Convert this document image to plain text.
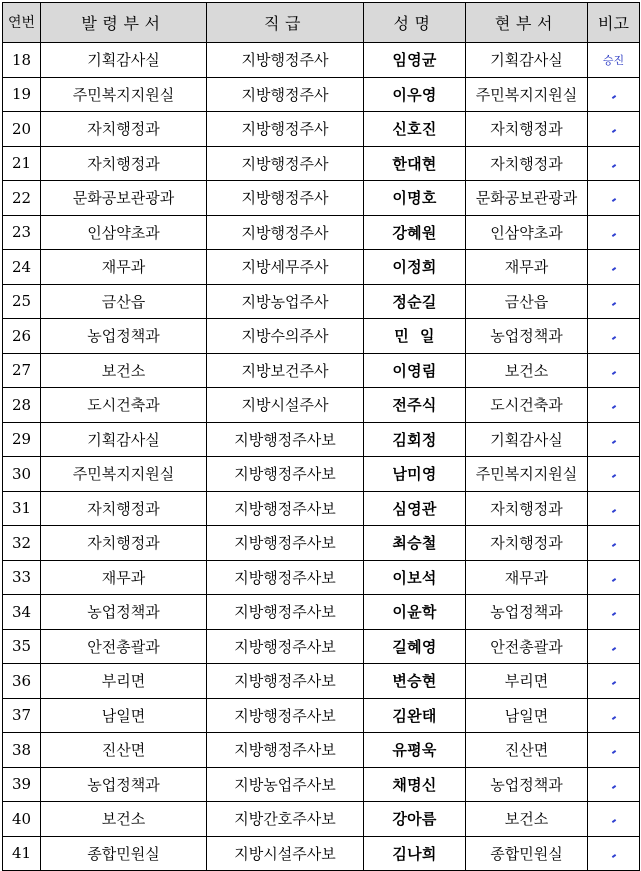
연번	발령부서	직급	성명	현부서	비고
18	기획감사실	지방행정주사	임영균	기획감사실	승진
19	주민복지지원실	지방행정주사	이우영	주민복지지원실	
20	자치행정과	지방행정주사	신호진	자치행정과	
21	자치행정과	지방행정주사	한대현	자치행정과	
22	문화공보관광과	지방행정주사	이명호	문화공보관광과	
23	인삼약초과	지방행정주사	강혜원	인삼약초과	
24	재무과	지방세무주사	이정희	재무과	
25	금산읍	지방농업주사	정순길	금산읍	
26	농업정책과	지방수의주사	민  일	농업정책과	
27	보건소	지방보건주사	이영림	보건소	
28	도시건축과	지방시설주사	전주식	도시건축과	
29	기획감사실	지방행정주사보	김회정	기획감사실	
30	주민복지지원실	지방행정주사보	남미영	주민복지지원실	
31	자치행정과	지방행정주사보	심영관	자치행정과	
32	자치행정과	지방행정주사보	최승철	자치행정과	
33	재무과	지방행정주사보	이보석	재무과	
34	농업정책과	지방행정주사보	이윤학	농업정책과	
35	안전총괄과	지방행정주사보	길혜영	안전총괄과	
36	부리면	지방행정주사보	변승현	부리면	
37	남일면	지방행정주사보	김완태	남일면	
38	진산면	지방행정주사보	유평욱	진산면	
39	농업정책과	지방농업주사보	채명신	농업정책과	
40	보건소	지방간호주사보	강아름	보건소	
41	종합민원실	지방시설주사보	김나희	종합민원실	
